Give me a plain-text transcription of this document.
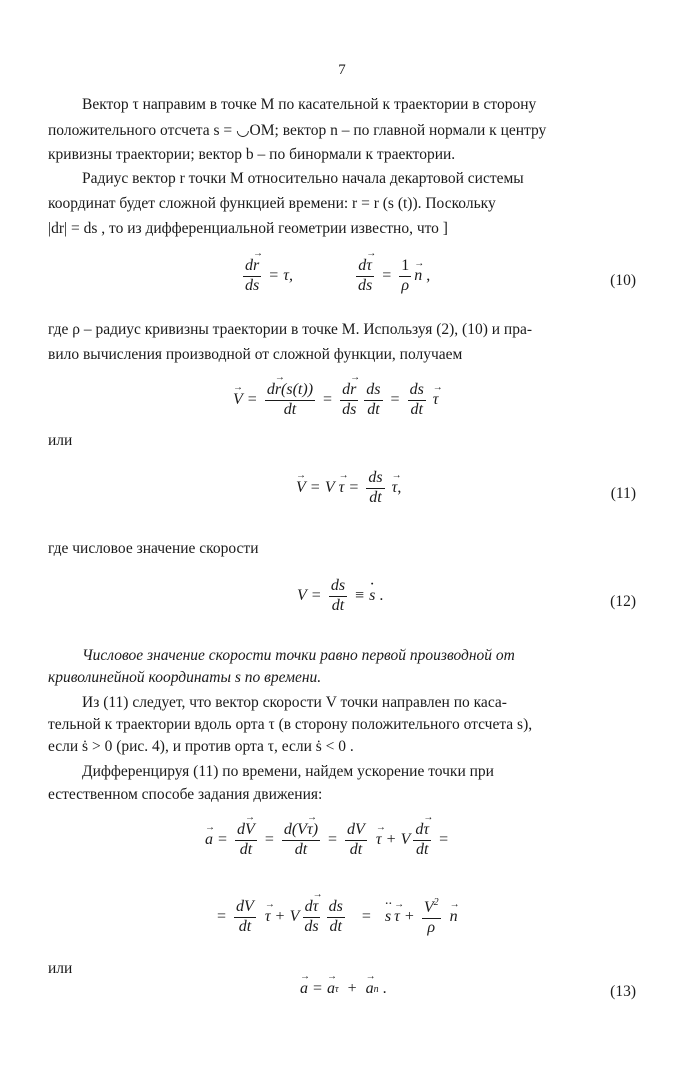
7
Вектор τ направим в точке M по касательной к траектории в сторону
положительного отсчета s = ◡OM; вектор n – по главной нормали к центру
кривизны траектории; вектор b – по бинормали к траектории.
Радиус вектор r точки M относительно начала декартовой системы
координат будет сложной функцией времени: r = r (s (t)). Поскольку
|dr| = ds , то из дифференциальной геометрии известно, что ]
$\frac{d\to r}{ds} = \tau$,	$\frac{d\to \tau}{ds} = \frac{1}{\rho}$
→ n ,	(10)
где ρ – радиус кривизны траектории в точке M. Используя (2), (10) и пра-
вило вычисления производной от сложной функции, получаем
→ $V = \frac{d\to r(s(t))}{dt} = \frac{d\to r}{ds} \frac{ds}{dt} = \frac{ds}{dt}$
→ τ
или
→ V = V
→ $\tau = \frac{ds}{dt}$
→ τ ,	(11)
где числовое значение скорости
$V = \frac{ds}{dt}$ ≡
· s .	(12)
Числовое значение скорости точки равно первой производной от
криволинейной координаты s по времени.
Из (11) следует, что вектор скорости V точки направлен по каса-
тельной к траектории вдоль орта τ (в сторону положительного отсчета s),
если ṡ > 0 (рис. 4), и против орта τ, если ṡ < 0 .
Дифференцируя (11) по времени, найдем ускорение точки при
естественном способе задания движения:
→ $a = \frac{d\to V}{dt} = \frac{d(V\to \tau)}{dt} = \frac{dV}{dt}$
→ τ + V $\frac{d\to \tau}{dt}$ =
= $\frac{dV}{dt}$
→ τ + V $\frac{d\to \tau}{ds} \frac{ds}{dt}$ =
·· s
→ $\tau + \frac{V^2}{\rho}$
→ n
или
→ a =
→ a τ +
→ a n .	(13)
